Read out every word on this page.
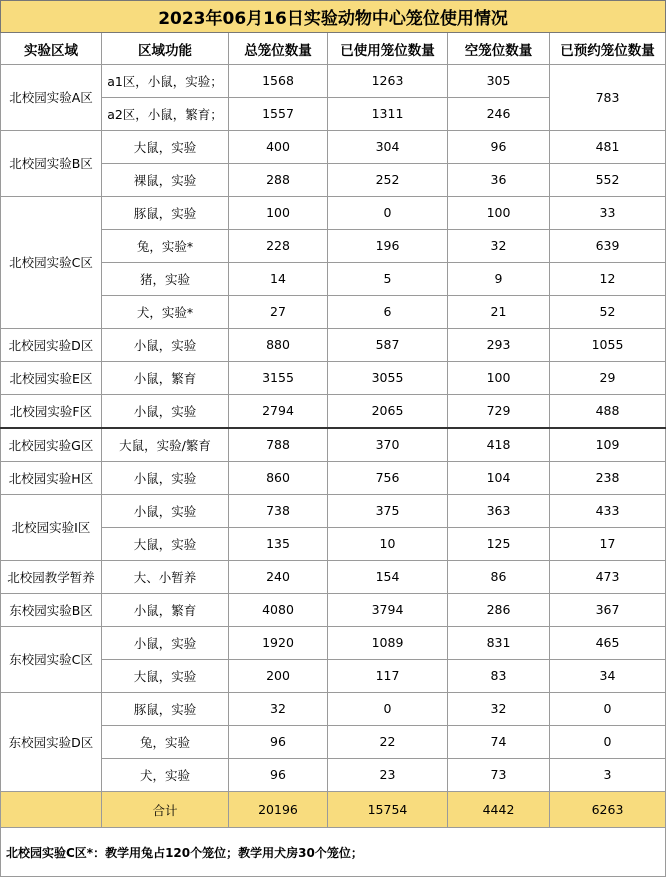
2023年06月16日实验动物中心笼位使用情况					
实验区域	区域功能	总笼位数量	已使用笼位数量	空笼位数量	已预约笼位数量
北校园实验A区	a1区，小鼠，实验；	1568	1263	305	783
	a2区，小鼠，繁育；	1557	1311	246	
北校园实验B区	大鼠，实验	400	304	96	481
	裸鼠，实验	288	252	36	552
北校园实验C区	豚鼠，实验	100	0	100	33
	兔，实验*	228	196	32	639
	猪，实验	14	5	9	12
	犬，实验*	27	6	21	52
北校园实验D区	小鼠，实验	880	587	293	1055
北校园实验E区	小鼠，繁育	3155	3055	100	29
北校园实验F区	小鼠，实验	2794	2065	729	488
北校园实验G区	大鼠，实验/繁育	788	370	418	109
北校园实验H区	小鼠，实验	860	756	104	238
北校园实验I区	小鼠，实验	738	375	363	433
	大鼠，实验	135	10	125	17
北校园教学暂养	大、小暂养	240	154	86	473
东校园实验B区	小鼠，繁育	4080	3794	286	367
东校园实验C区	小鼠，实验	1920	1089	831	465
	大鼠，实验	200	117	83	34
东校园实验D区	豚鼠，实验	32	0	32	0
	兔，实验	96	22	74	0
	犬，实验	96	23	73	3
	合计	20196	15754	4442	6263
北校园实验C区*：教学用兔占120个笼位；教学用犬房30个笼位；					
